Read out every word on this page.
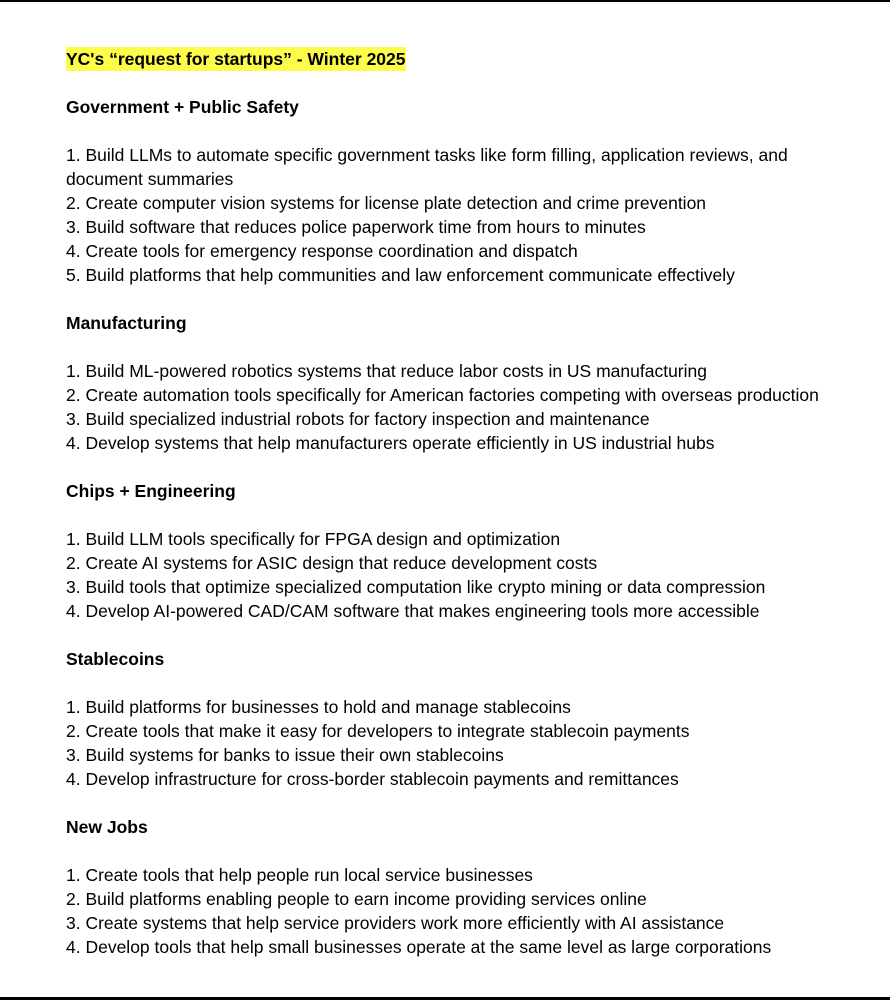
YC's “request for startups” - Winter 2025
Government + Public Safety
1. Build LLMs to automate specific government tasks like form filling, application reviews, and document summaries
2. Create computer vision systems for license plate detection and crime prevention
3. Build software that reduces police paperwork time from hours to minutes
4. Create tools for emergency response coordination and dispatch
5. Build platforms that help communities and law enforcement communicate effectively
Manufacturing
1. Build ML-powered robotics systems that reduce labor costs in US manufacturing
2. Create automation tools specifically for American factories competing with overseas production
3. Build specialized industrial robots for factory inspection and maintenance
4. Develop systems that help manufacturers operate efficiently in US industrial hubs
Chips + Engineering
1. Build LLM tools specifically for FPGA design and optimization
2. Create AI systems for ASIC design that reduce development costs
3. Build tools that optimize specialized computation like crypto mining or data compression
4. Develop AI-powered CAD/CAM software that makes engineering tools more accessible
Stablecoins
1. Build platforms for businesses to hold and manage stablecoins
2. Create tools that make it easy for developers to integrate stablecoin payments
3. Build systems for banks to issue their own stablecoins
4. Develop infrastructure for cross-border stablecoin payments and remittances
New Jobs
1. Create tools that help people run local service businesses
2. Build platforms enabling people to earn income providing services online
3. Create systems that help service providers work more efficiently with AI assistance
4. Develop tools that help small businesses operate at the same level as large corporations
